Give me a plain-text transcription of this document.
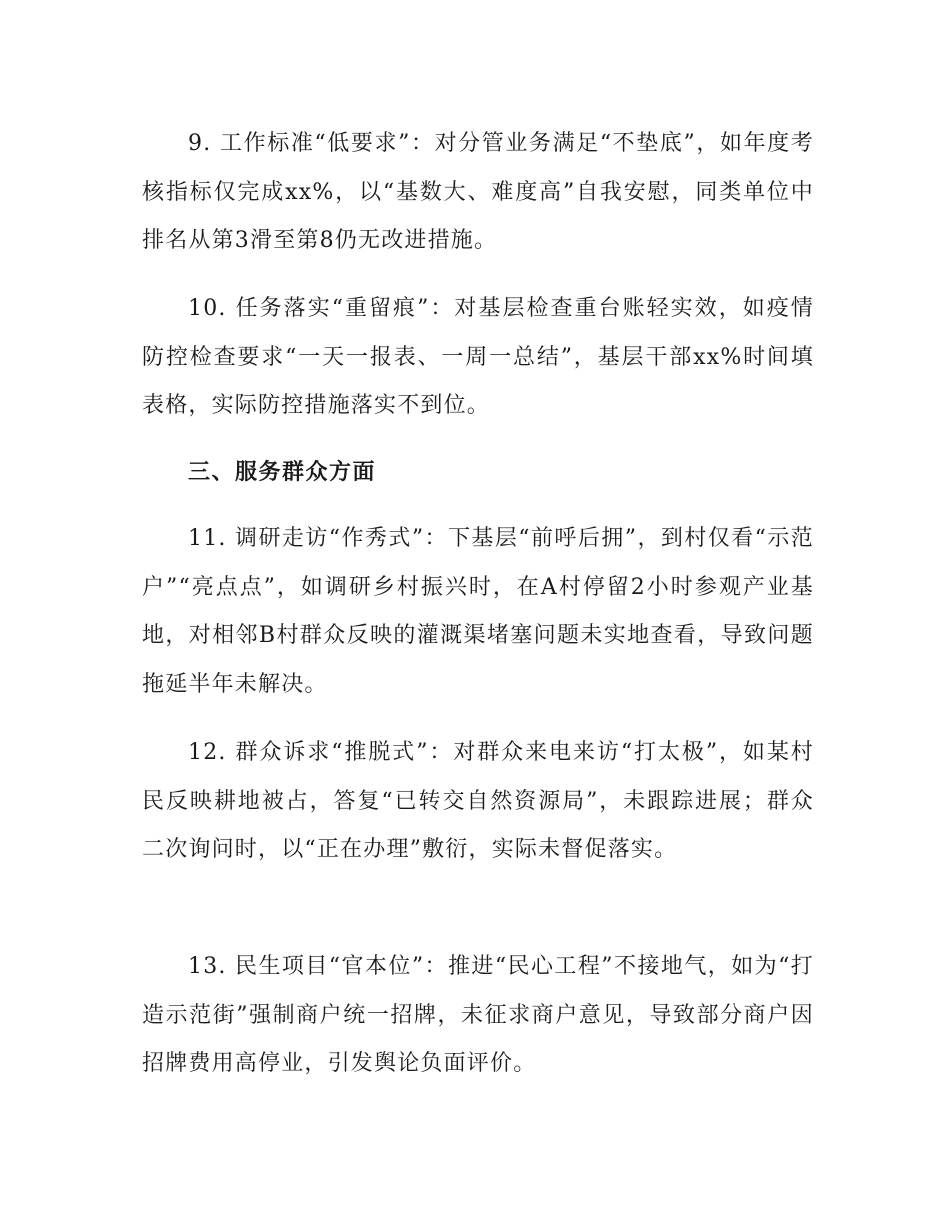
9. 工作标准“低要求”：对分管业务满足“不垫底”，如年度考核指标仅完成xx%，以“基数大、难度高”自我安慰，同类单位中排名从第3滑至第8仍无改进措施。

10. 任务落实“重留痕”：对基层检查重台账轻实效，如疫情防控检查要求“一天一报表、一周一总结”，基层干部xx%时间填表格，实际防控措施落实不到位。

三、服务群众方面

11. 调研走访“作秀式”：下基层“前呼后拥”，到村仅看“示范户”“亮点点”，如调研乡村振兴时，在A村停留2小时参观产业基地，对相邻B村群众反映的灌溉渠堵塞问题未实地查看，导致问题拖延半年未解决。

12. 群众诉求“推脱式”：对群众来电来访“打太极”，如某村民反映耕地被占，答复“已转交自然资源局”，未跟踪进展；群众二次询问时，以“正在办理”敷衍，实际未督促落实。

13. 民生项目“官本位”：推进“民心工程”不接地气，如为“打造示范街”强制商户统一招牌，未征求商户意见，导致部分商户因招牌费用高停业，引发舆论负面评价。
